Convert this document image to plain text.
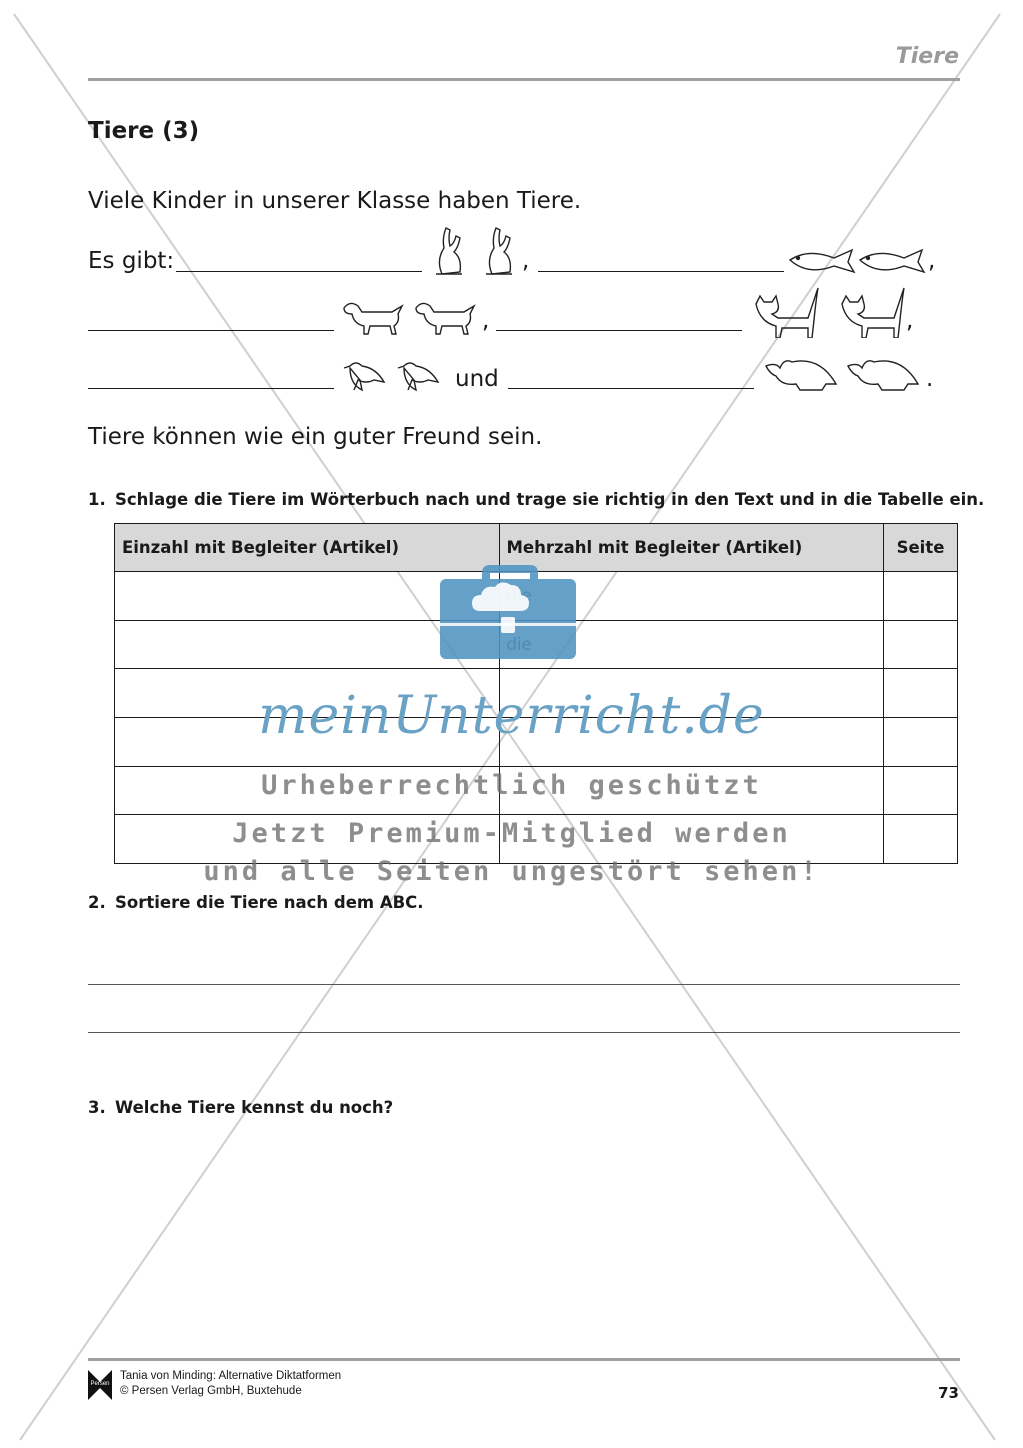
Tiere
Tiere (3)
Viele Kinder in unserer Klasse haben Tiere.
Es gibt:	,	,
,	,
und	.
Tiere können wie ein guter Freund sein.
1. Schlage die Tiere im Wörterbuch nach und trage sie richtig in den Text und in die Tabelle ein.
Einzahl mit Begleiter (Artikel)	Mehrzahl mit Begleiter (Artikel)	Seite

2. Sortiere die Tiere nach dem ABC.
3. Welche Tiere kennst du noch?
meinUnterricht.de
Urheberrechtlich geschützt
Jetzt Premium-Mitglied werden
und alle Seiten ungestört sehen!
Persen
Tania von Minding: Alternative Diktatformen
© Persen Verlag GmbH, Buxtehude	73
